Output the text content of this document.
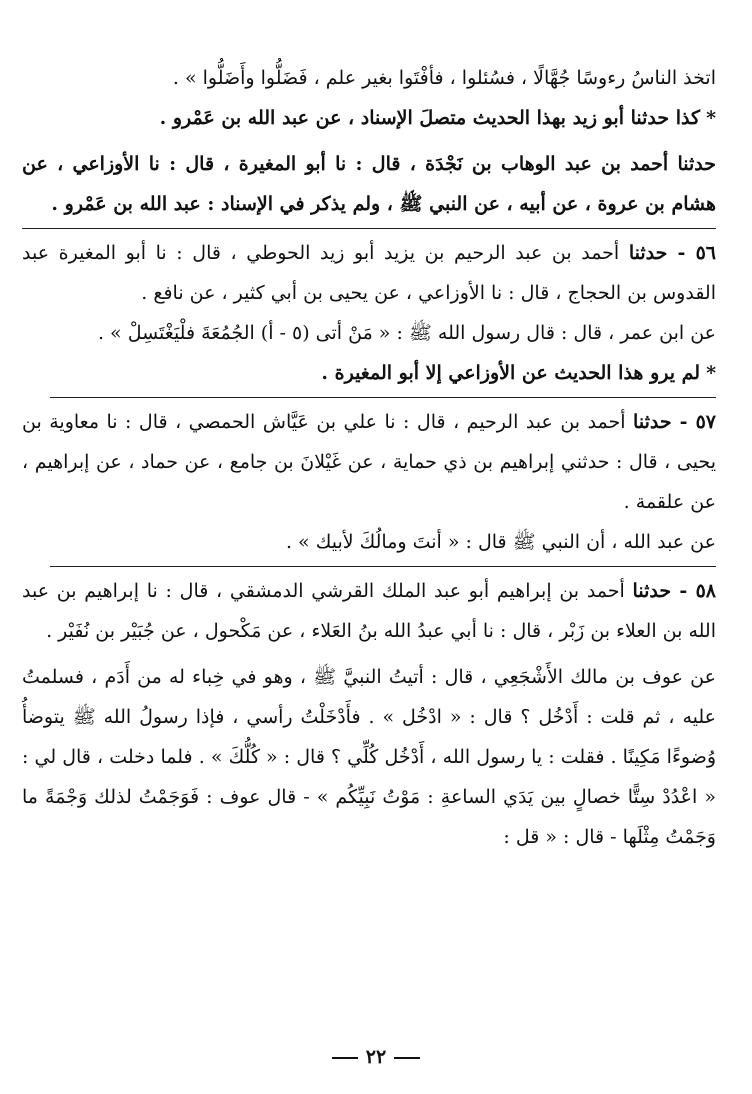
اتخذ الناسُ رءوسًا جُهَّالًا ، فسُئلوا ، فأفْتَوا بغير علم ، فَضَلُّوا وأَضَلُّوا » .

*كذا حدثنا أبو زيد بهذا الحديث متصلَ الإسناد ، عن عبد الله بن عَمْرو .

حدثنا أحمد بن عبد الوهاب بن نَجْدَة ، قال : نا أبو المغيرة ، قال : نا الأوزاعي ، عن هشام بن عروة ، عن أبيه ، عن النبي ﷺ ، ولم يذكر في الإسناد : عبد الله بن عَمْرو .

٥٦ - حدثنا أحمد بن عبد الرحيم بن يزيد أبو زيد الحوطي ، قال : نا أبو المغيرة عبد القدوس بن الحجاج ، قال : نا الأوزاعي ، عن يحيى بن أبي كثير ، عن نافع .

عن ابن عمر ، قال : قال رسول الله ﷺ : « مَنْ أتى (٥ - أ) الجُمُعَةَ فلْيَغْتَسِلْ » .

*لم يرو هذا الحديث عن الأوزاعي إلا أبو المغيرة .

٥٧ - حدثنا أحمد بن عبد الرحيم ، قال : نا علي بن عَيَّاش الحمصي ، قال : نا معاوية بن يحيى ، قال : حدثني إبراهيم بن ذي حماية ، عن غَيْلانَ بن جامع ، عن حماد ، عن إبراهيم ، عن علقمة .

عن عبد الله ، أن النبي ﷺ قال : « أنتَ ومالُكَ لأبيك » .

٥٨ - حدثنا أحمد بن إبراهيم أبو عبد الملك القرشي الدمشقي ، قال : نا إبراهيم بن عبد الله بن العلاء بن زَبْر ، قال : نا أبي عبدُ الله بنُ العَلاء ، عن مَكْحول ، عن جُبَيْر بن نُفَيْر .

عن عوف بن مالك الأَشْجَعِي ، قال : أتيتُ النبيَّ ﷺ ، وهو في خِباء له من أَدَم ، فسلمتُ عليه ، ثم قلت : أَدْخُل ؟ قال : « ادْخُل » . فأَدْخَلْتُ رأسي ، فإذا رسولُ الله ﷺ يتوضأُ وُضوءًا مَكِينًا . فقلت : يا رسول الله ، أَدْخُل كُلِّي ؟ قال : « كُلُّكَ » . فلما دخلت ، قال لي : « اعْدُدْ سِتًّا خصالٍ بين يَدَي الساعةِ : مَوْتُ نَبِيِّكُم » - قال عوف : فَوَجَمْتُ لذلك وَجْمَةً ما وَجَمْتُ مِثْلَها - قال : « قل :

٢٢
